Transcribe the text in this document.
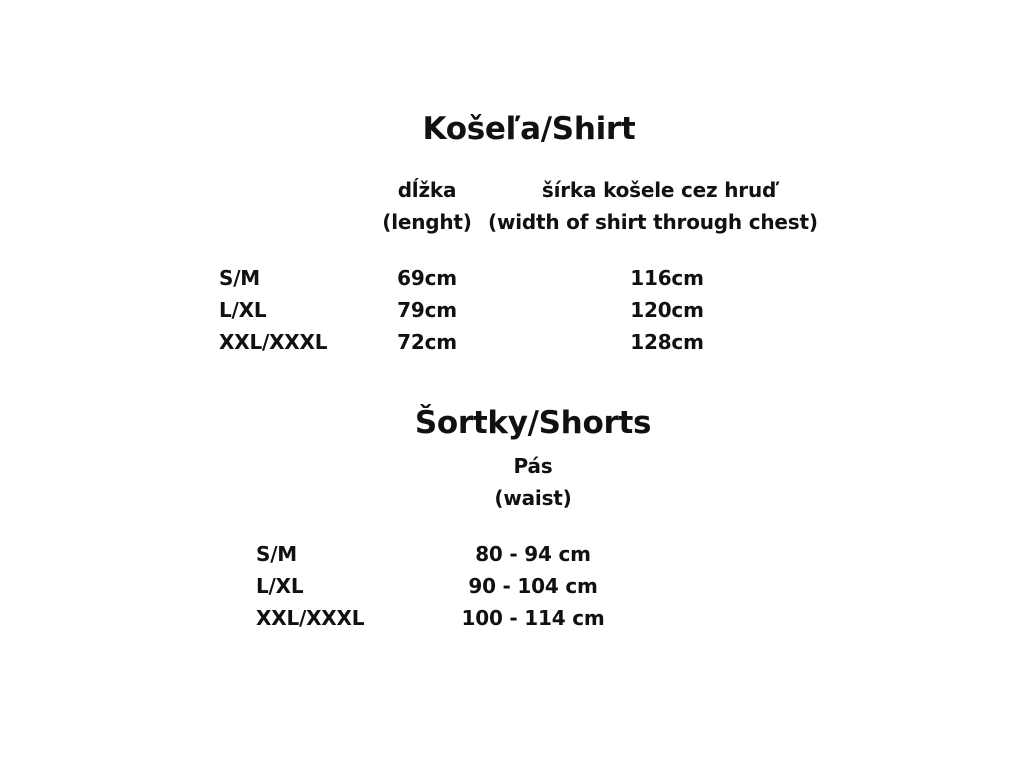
Košeľa/Shirt
dĺžka
(lenght)
šírka košele cez hruď
(width of shirt through chest)
S/M	69cm	116cm
L/XL	79cm	120cm
XXL/XXXL	72cm	128cm
Šortky/Shorts
Pás
(waist)
S/M	80 - 94 cm
L/XL	90 - 104 cm
XXL/XXXL	100 - 114 cm
